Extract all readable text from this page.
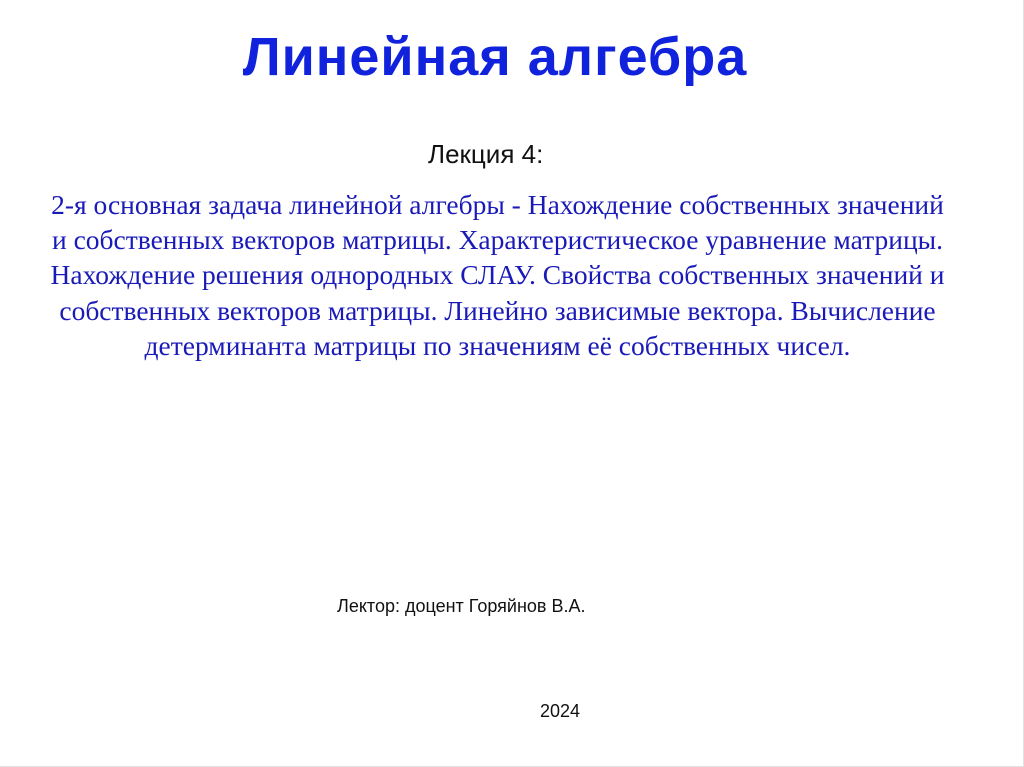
Линейная алгебра
Лекция 4:

2-я основная задача линейной алгебры - Нахождение собственных значений и собственных векторов матрицы. Характеристическое уравнение матрицы. Нахождение решения однородных СЛАУ. Свойства собственных значений и собственных векторов матрицы. Линейно зависимые вектора. Вычисление детерминанта матрицы по значениям её собственных чисел.

Лектор: доцент Горяйнов В.А.
2024
